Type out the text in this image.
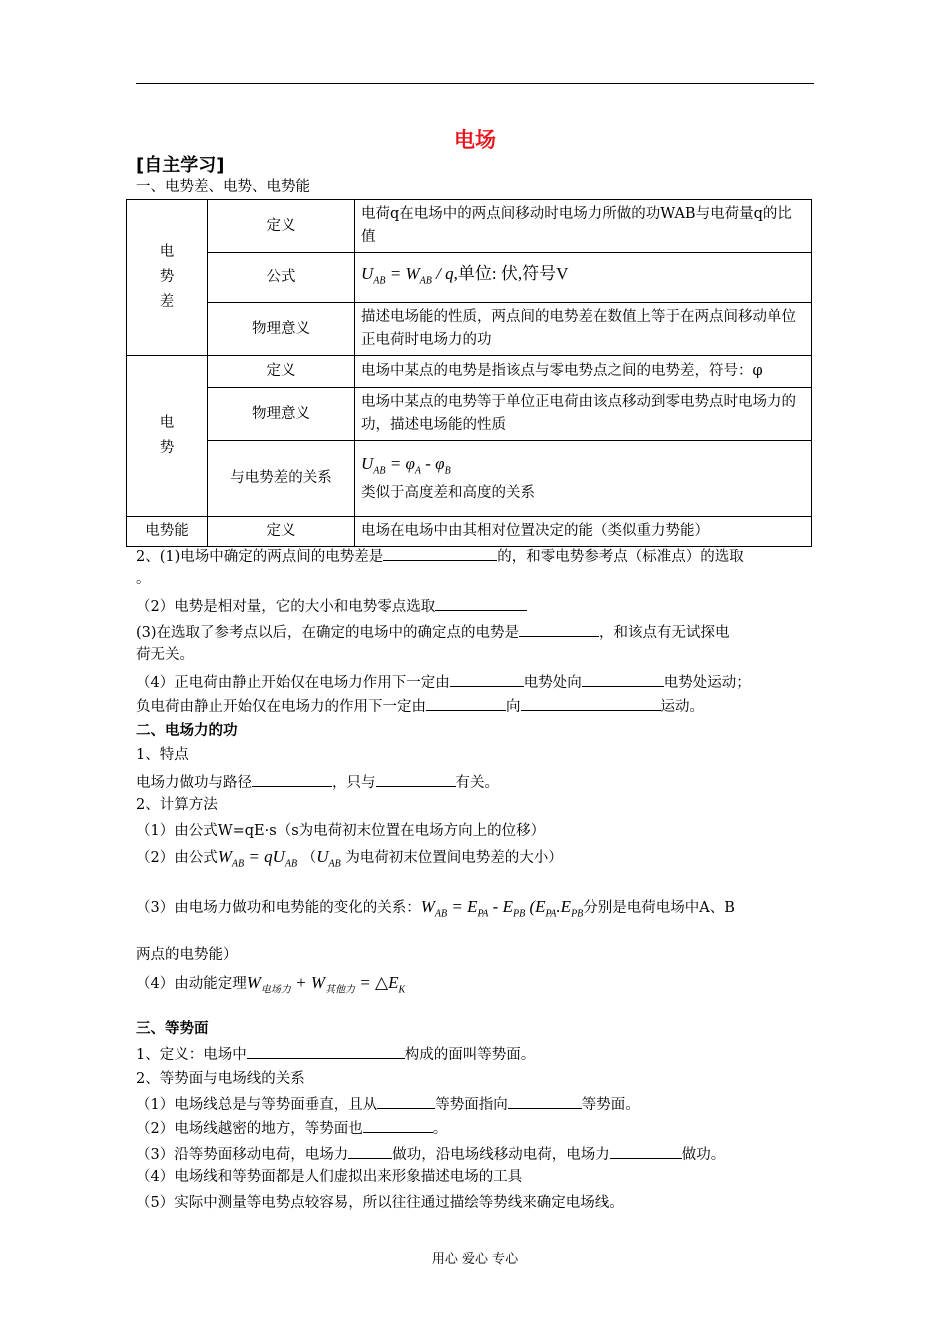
电场
[自主学习]
一、电势差、电势、电势能
电
势
差	定义	电荷q在电场中的两点间移动时电场力所做的功WAB与电荷量q的比值
	公式	$U_{AB} = W_{AB} / q$,单位: 伏,符号V
	物理意义	描述电场能的性质，两点间的电势差在数值上等于在两点间移动单位正电荷时电场力的功

电
势	定义	电场中某点的电势是指该点与零电势点之间的电势差，符号：φ
	物理意义	电场中某点的电势等于单位正电荷由该点移动到零电势点时电场力的功，描述电场能的性质
	与电势差的关系	$U_{AB} = \varphi_A - \varphi_B$
类似于高度差和高度的关系

电势能	定义	电场在电场中由其相对位置决定的能（类似重力势能）
2、(1)电场中确定的两点间的电势差是	的，和零电势参考点（标准点）的选取
。
（2）电势是相对量，它的大小和电势零点选取
(3)在选取了参考点以后，在确定的电场中的确定点的电势是	，和该点有无试探电
荷无关。
（4）正电荷由静止开始仅在电场力作用下一定由	电势处向	电势处运动；
负电荷由静止开始仅在电场力的作用下一定由	向	运动。
二、电场力的功
1、特点
电场力做功与路径	，只与	有关。
2、计算方法
（1）由公式W=qE·s（s为电荷初末位置在电场方向上的位移）
（2）由公式$W_{AB} = qU_{AB}$ （$U_{AB}$ 为电荷初末位置间电势差的大小）
（3）由电场力做功和电势能的变化的关系：$W_{AB} = E_{PA} - E_{PB}$ ($E_{PA}.E_{PB}$分别是电荷电场中A、B
两点的电势能）
（4）由动能定理$W_{电场力} + W_{其他力}$ = $\triangle E_K$
三、等势面
1、定义：电场中	构成的面叫等势面。
2、等势面与电场线的关系
（1）电场线总是与等势面垂直，且从	等势面指向	等势面。
（2）电场线越密的地方，等势面也	。
（3）沿等势面移动电荷，电场力	做功，沿电场线移动电荷，电场力	做功。
（4）电场线和等势面都是人们虚拟出来形象描述电场的工具
（5）实际中测量等电势点较容易，所以往往通过描绘等势线来确定电场线。
用心 爱心 专心
